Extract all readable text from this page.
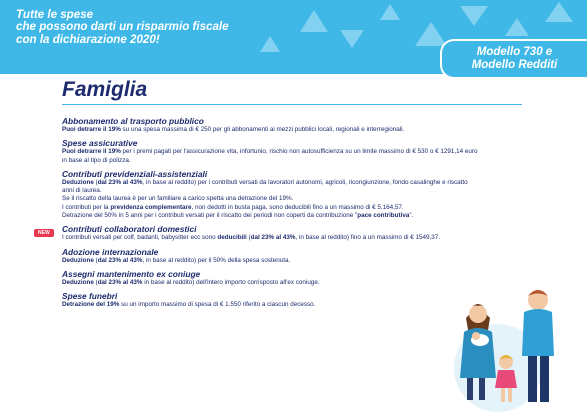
Tutte le spese
che possono darti un risparmio fiscale
con la dichiarazione 2020!
Modello 730 e
Modello Redditi
Famiglia
Abbonamento al trasporto pubblico
Puoi detrarre il 19% su una spesa massima di € 250 per gli abbonamenti ai mezzi pubblici locali, regionali e interregionali.
Spese assicurative
Puoi detrarre il 19% per i premi pagati per l'assicurazione vita, infortunio, rischio non autosufficienza su un limite massimo di € 530 o € 1291,14 euro
in base al tipo di polizza.
Contributi previdenziali-assistenziali
Deduzione (dal 23% al 43%, in base al reddito) per i contributi versati da lavoratori autonomi, agricoli, ricongiunzione, fondo casalinghe e riscatto
anni di laurea.
Se il riscatto della laurea è per un familiare a carico spetta una detrazione del 19%.
I contributi per la previdenza complementare, non dedotti in busta paga, sono deducibili fino a un massimo di € 5.164,57.
Detrazione del 50% in 5 anni per i contributi versati per il riscatto dei periodi non coperti da contribuzione "pace contributiva".
Contributi collaboratori domestici
I contributi versati per colf, badanti, babysitter ecc sono deducibili (dal 23% al 43%, in base al reddito) fino a un massimo di € 1549,37.
Adozione internazionale
Deduzione (dal 23% al 43%, in base al reddito) per il 50% della spesa sostenuta.
Assegni mantenimento ex coniuge
Deduzione (dal 23% al 43% in base al reddito) dell'intero importo corrisposto all'ex coniuge.
Spese funebri
Detrazione del 19% su un importo massimo di spesa di € 1.550 riferito a ciascun decesso.
NEW
